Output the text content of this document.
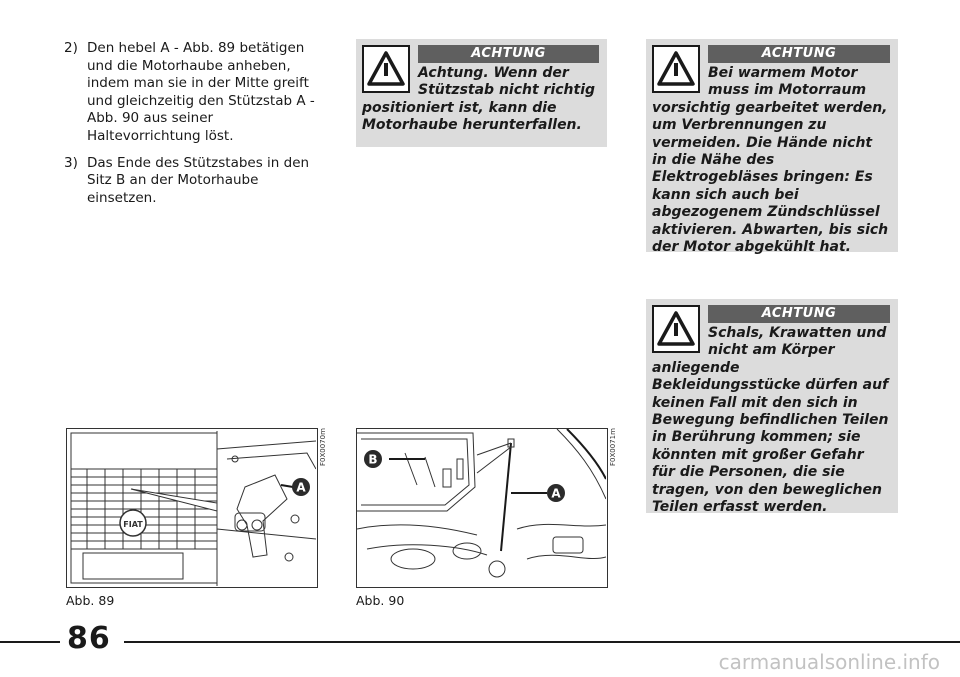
2) Den hebel A - Abb. 89 betätigen und die Motorhaube anheben, indem man sie in der Mitte greift und gleichzeitig den Stützstab A - Abb. 90 aus seiner Haltevorrichtung löst.
3) Das Ende des Stützstabes in den Sitz B an der Motorhaube einsetzen.
ACHTUNG
Achtung. Wenn der Stützstab nicht richtig positioniert ist, kann die Motorhaube herunterfallen.
ACHTUNG
Bei warmem Motor muss im Motorraum vorsichtig gearbeitet werden, um Verbrennungen zu vermeiden. Die Hände nicht in die Nähe des Elektrogebläses bringen: Es kann sich auch bei abgezogenem Zündschlüssel aktivieren. Abwarten, bis sich der Motor abgekühlt hat.
ACHTUNG
Schals, Krawatten und nicht am Körper anliegende Bekleidungsstücke dürfen auf keinen Fall mit den sich in Bewegung befindlichen Teilen in Berührung kommen; sie könnten mit großer Gefahr für die Personen, die sie tragen, von den beweglichen Teilen erfasst werden.
FIAT
A
F0X0070m
Abb. 89
B
A
F0X0071m
Abb. 90
86
carmanualsonline.info
